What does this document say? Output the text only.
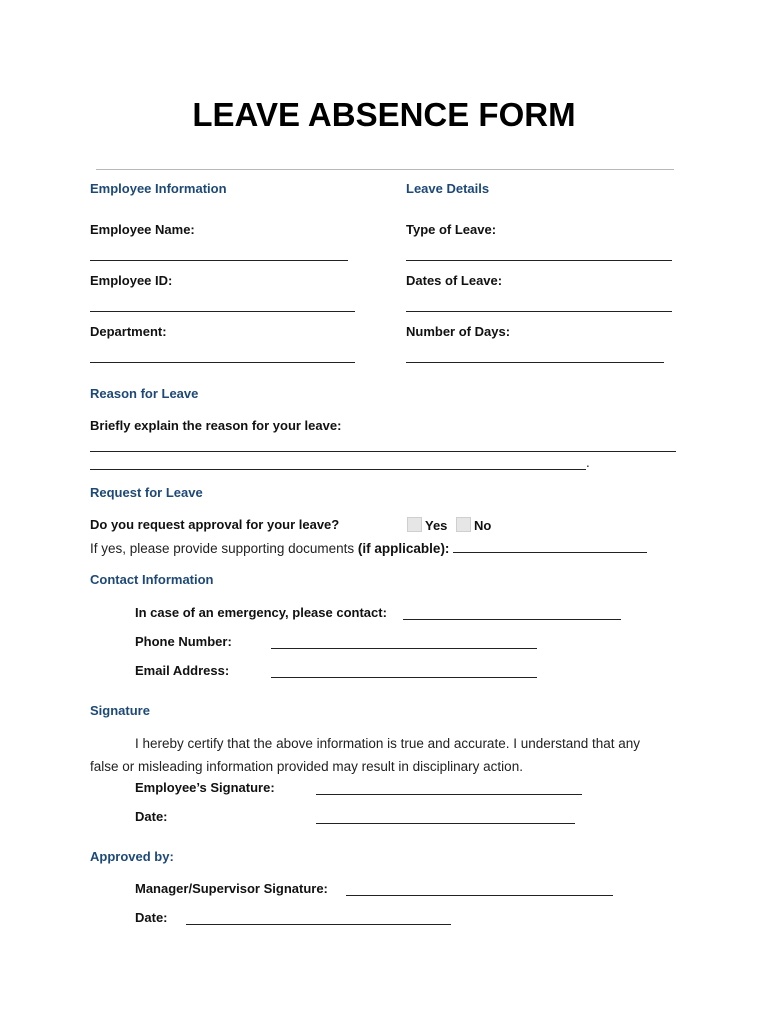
LEAVE ABSENCE FORM
Employee Information
Employee Name:
Employee ID:
Department:
Leave Details
Type of Leave:
Dates of Leave:
Number of Days:
Reason for Leave
Briefly explain the reason for your leave:
.
Request for Leave
Do you request approval for your leave?	Yes No
If yes, please provide supporting documents (if applicable):
Contact Information
In case of an emergency, please contact:
Phone Number:
Email Address:
Signature
I hereby certify that the above information is true and accurate. I understand that any
false or misleading information provided may result in disciplinary action.
Employee’s Signature:
Date:
Approved by:
Manager/Supervisor Signature:
Date:
